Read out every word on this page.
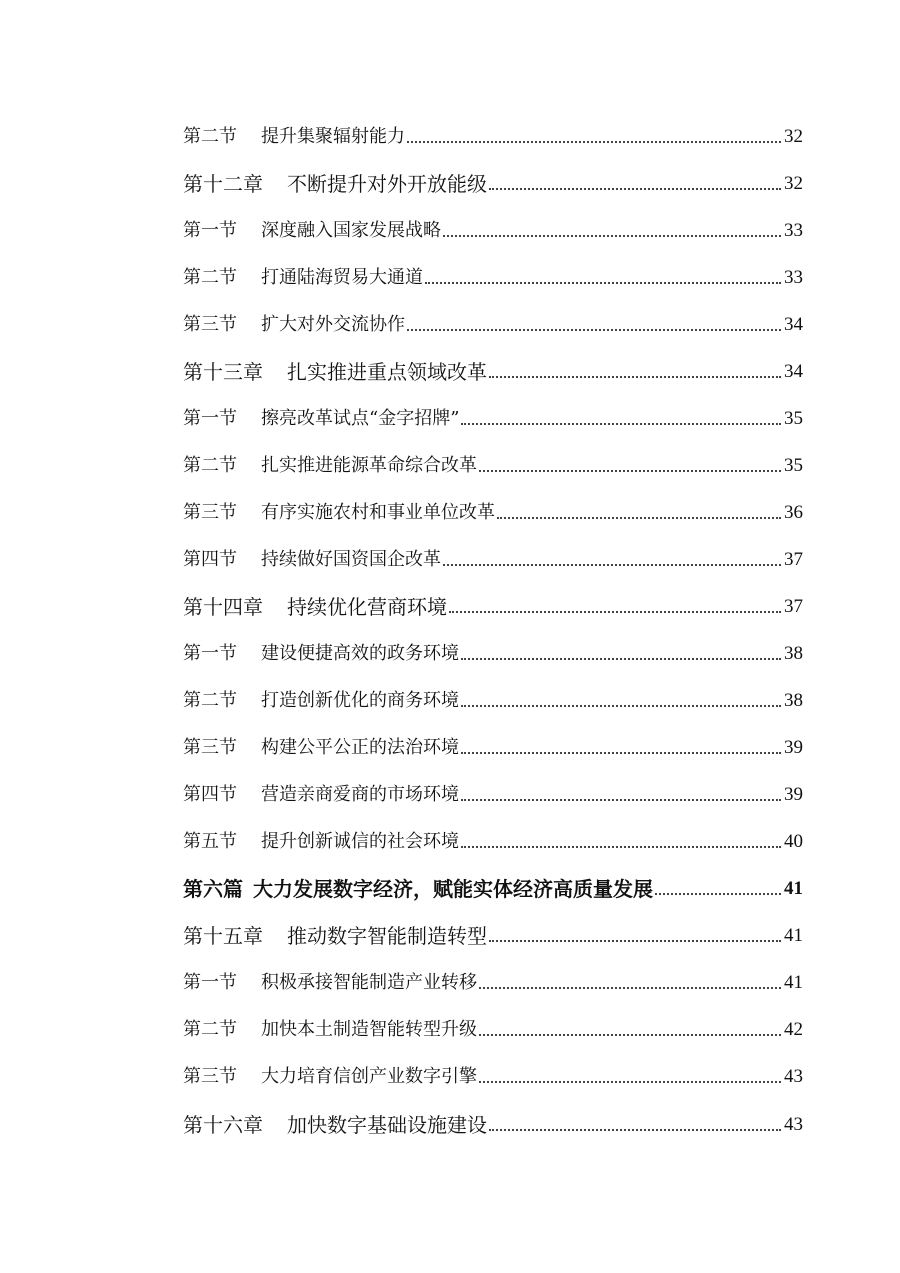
第二节 提升集聚辐射能力	32
第十二章 不断提升对外开放能级	32
第一节 深度融入国家发展战略	33
第二节 打通陆海贸易大通道	33
第三节 扩大对外交流协作	34
第十三章 扎实推进重点领域改革	34
第一节 擦亮改革试点“金字招牌”	35
第二节 扎实推进能源革命综合改革	35
第三节 有序实施农村和事业单位改革	36
第四节 持续做好国资国企改革	37
第十四章 持续优化营商环境	37
第一节 建设便捷高效的政务环境	38
第二节 打造创新优化的商务环境	38
第三节 构建公平公正的法治环境	39
第四节 营造亲商爱商的市场环境	39
第五节 提升创新诚信的社会环境	40
第六篇 大力发展数字经济，赋能实体经济高质量发展	41
第十五章 推动数字智能制造转型	41
第一节 积极承接智能制造产业转移	41
第二节 加快本土制造智能转型升级	42
第三节 大力培育信创产业数字引擎	43
第十六章 加快数字基础设施建设	43
